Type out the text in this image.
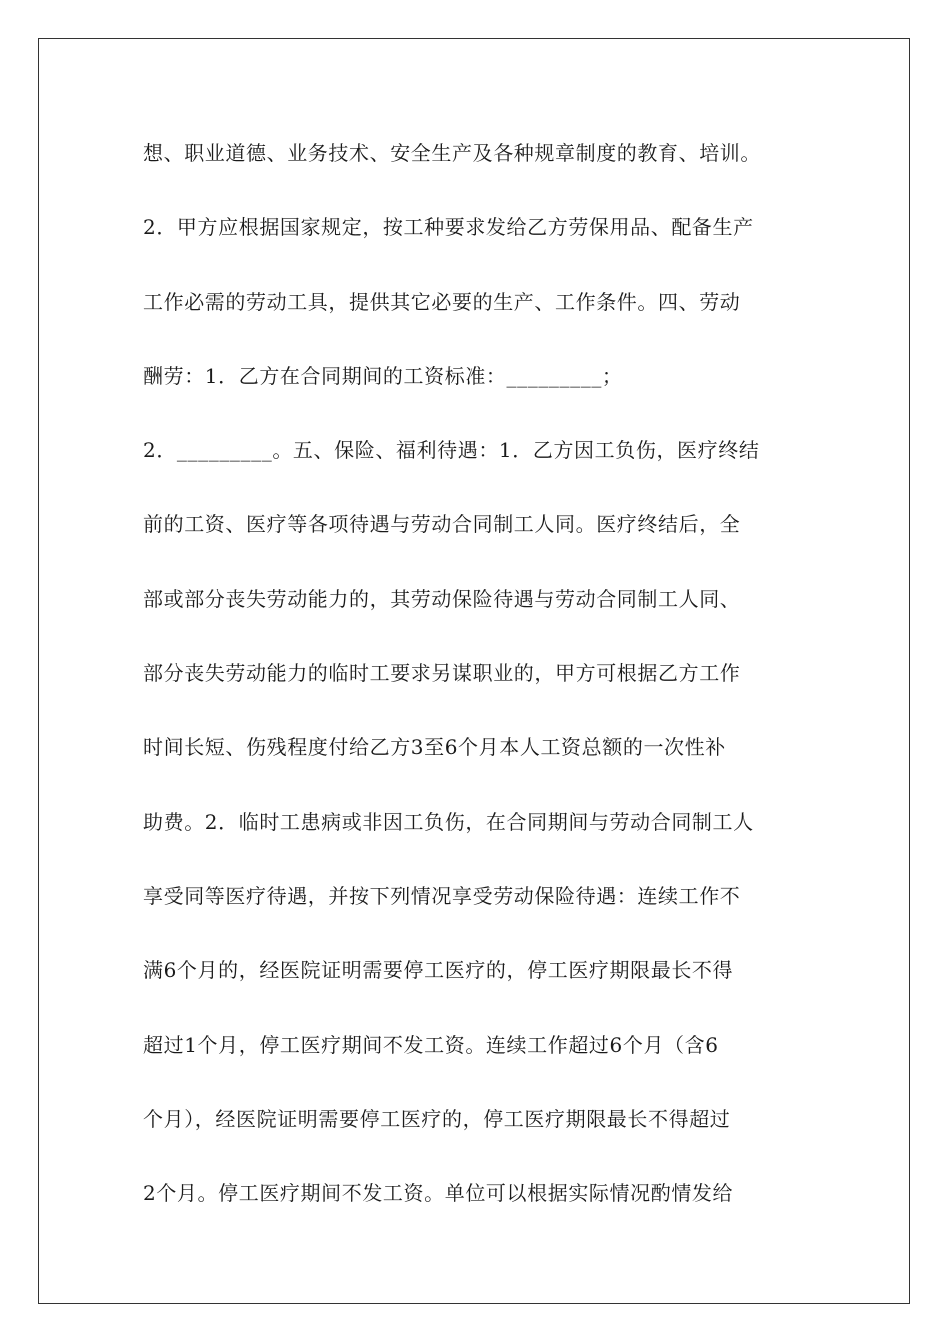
想、职业道德、业务技术、安全生产及各种规章制度的教育、培训。
2．甲方应根据国家规定，按工种要求发给乙方劳保用品、配备生产
工作必需的劳动工具，提供其它必要的生产、工作条件。四、劳动
酬劳：1．乙方在合同期间的工资标准：_________；
2．_________。五、保险、福利待遇：1．乙方因工负伤，医疗终结
前的工资、医疗等各项待遇与劳动合同制工人同。医疗终结后，全
部或部分丧失劳动能力的，其劳动保险待遇与劳动合同制工人同、
部分丧失劳动能力的临时工要求另谋职业的，甲方可根据乙方工作
时间长短、伤残程度付给乙方3至6个月本人工资总额的一次性补
助费。2．临时工患病或非因工负伤，在合同期间与劳动合同制工人
享受同等医疗待遇，并按下列情况享受劳动保险待遇：连续工作不
满6个月的，经医院证明需要停工医疗的，停工医疗期限最长不得
超过1个月，停工医疗期间不发工资。连续工作超过6个月（含6
个月），经医院证明需要停工医疗的，停工医疗期限最长不得超过
2个月。停工医疗期间不发工资。单位可以根据实际情况酌情发给
